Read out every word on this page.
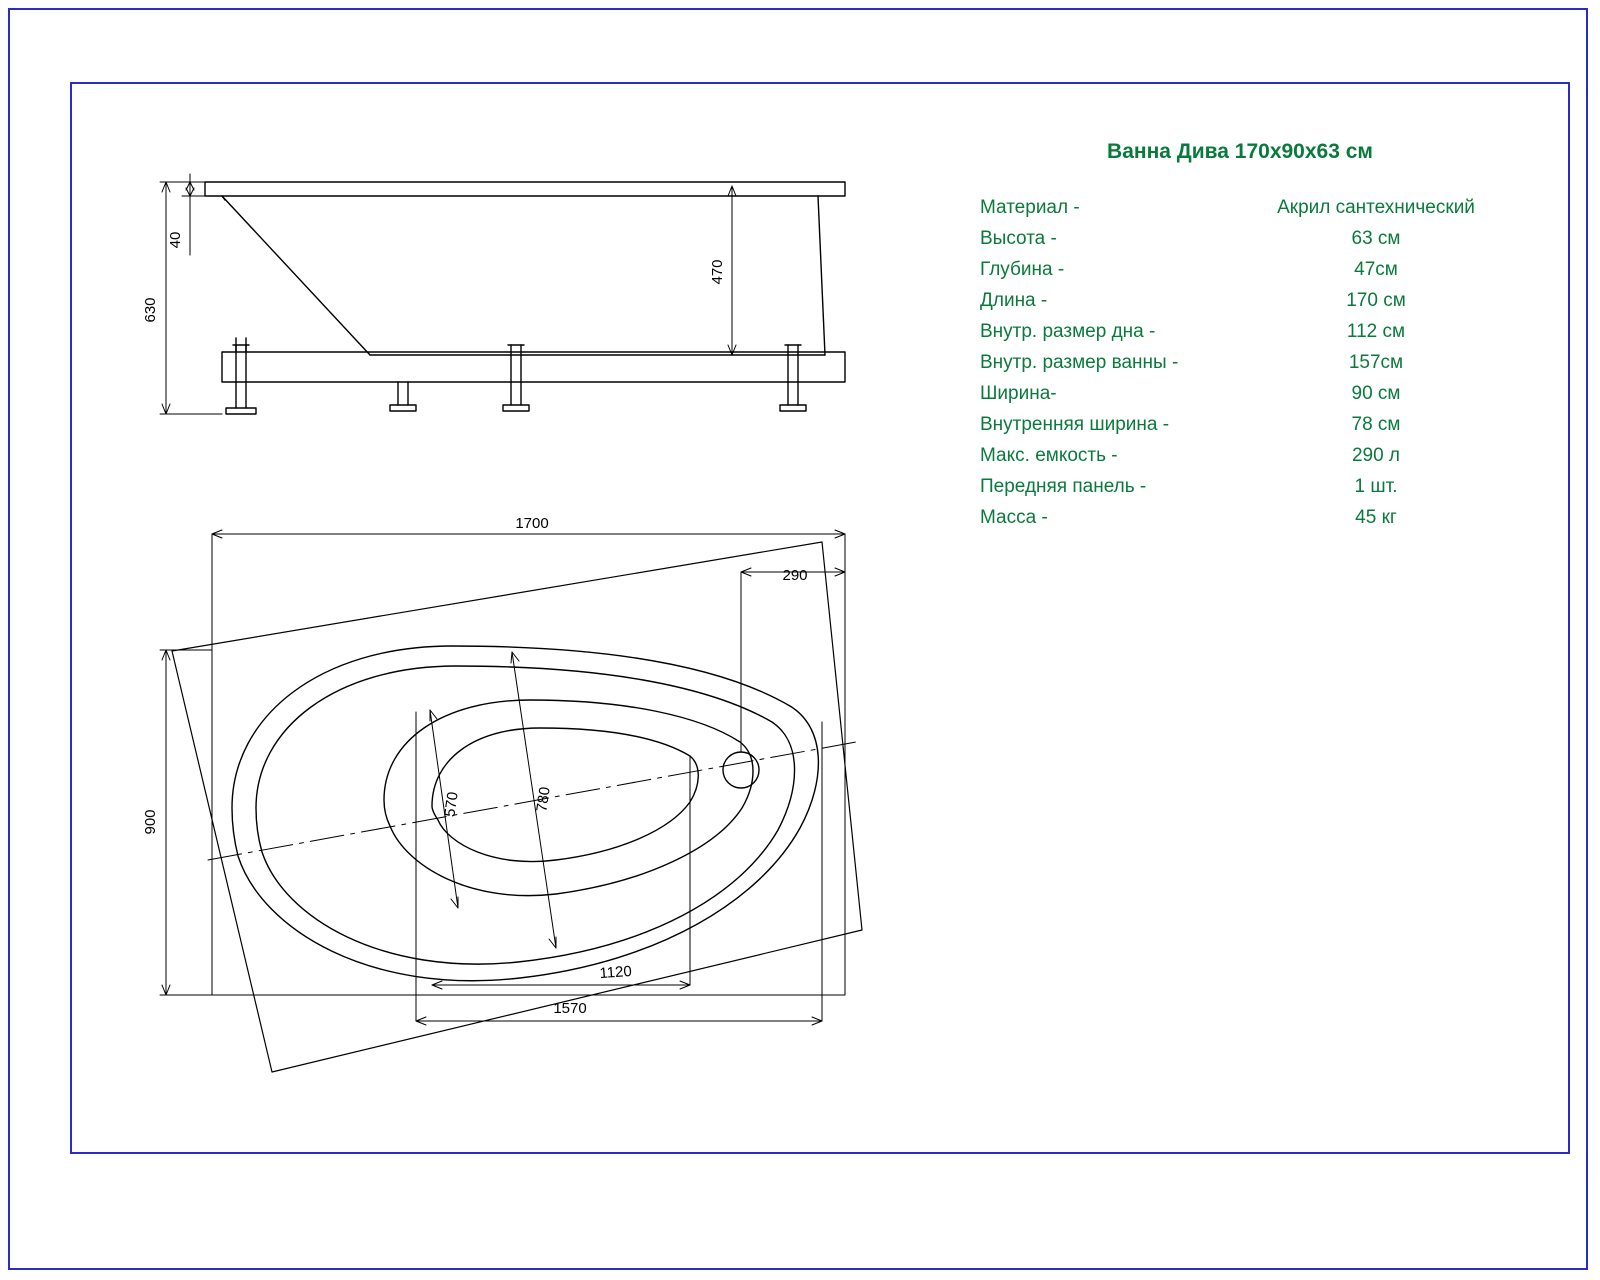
630
40
470
1700
290
900
780
570
1120
1570
Ванна Дива 170x90x63 см
Материал -	Акрил сантехнический
Высота -	63 см
Глубина -	47см
Длина -	170 см
Внутр. размер дна -	112 см
Внутр. размер ванны -	157см
Ширина-	90 см
Внутренняя ширина -	78 см
Макс. емкость -	290 л
Передняя панель -	1 шт.
Масса -	45 кг
